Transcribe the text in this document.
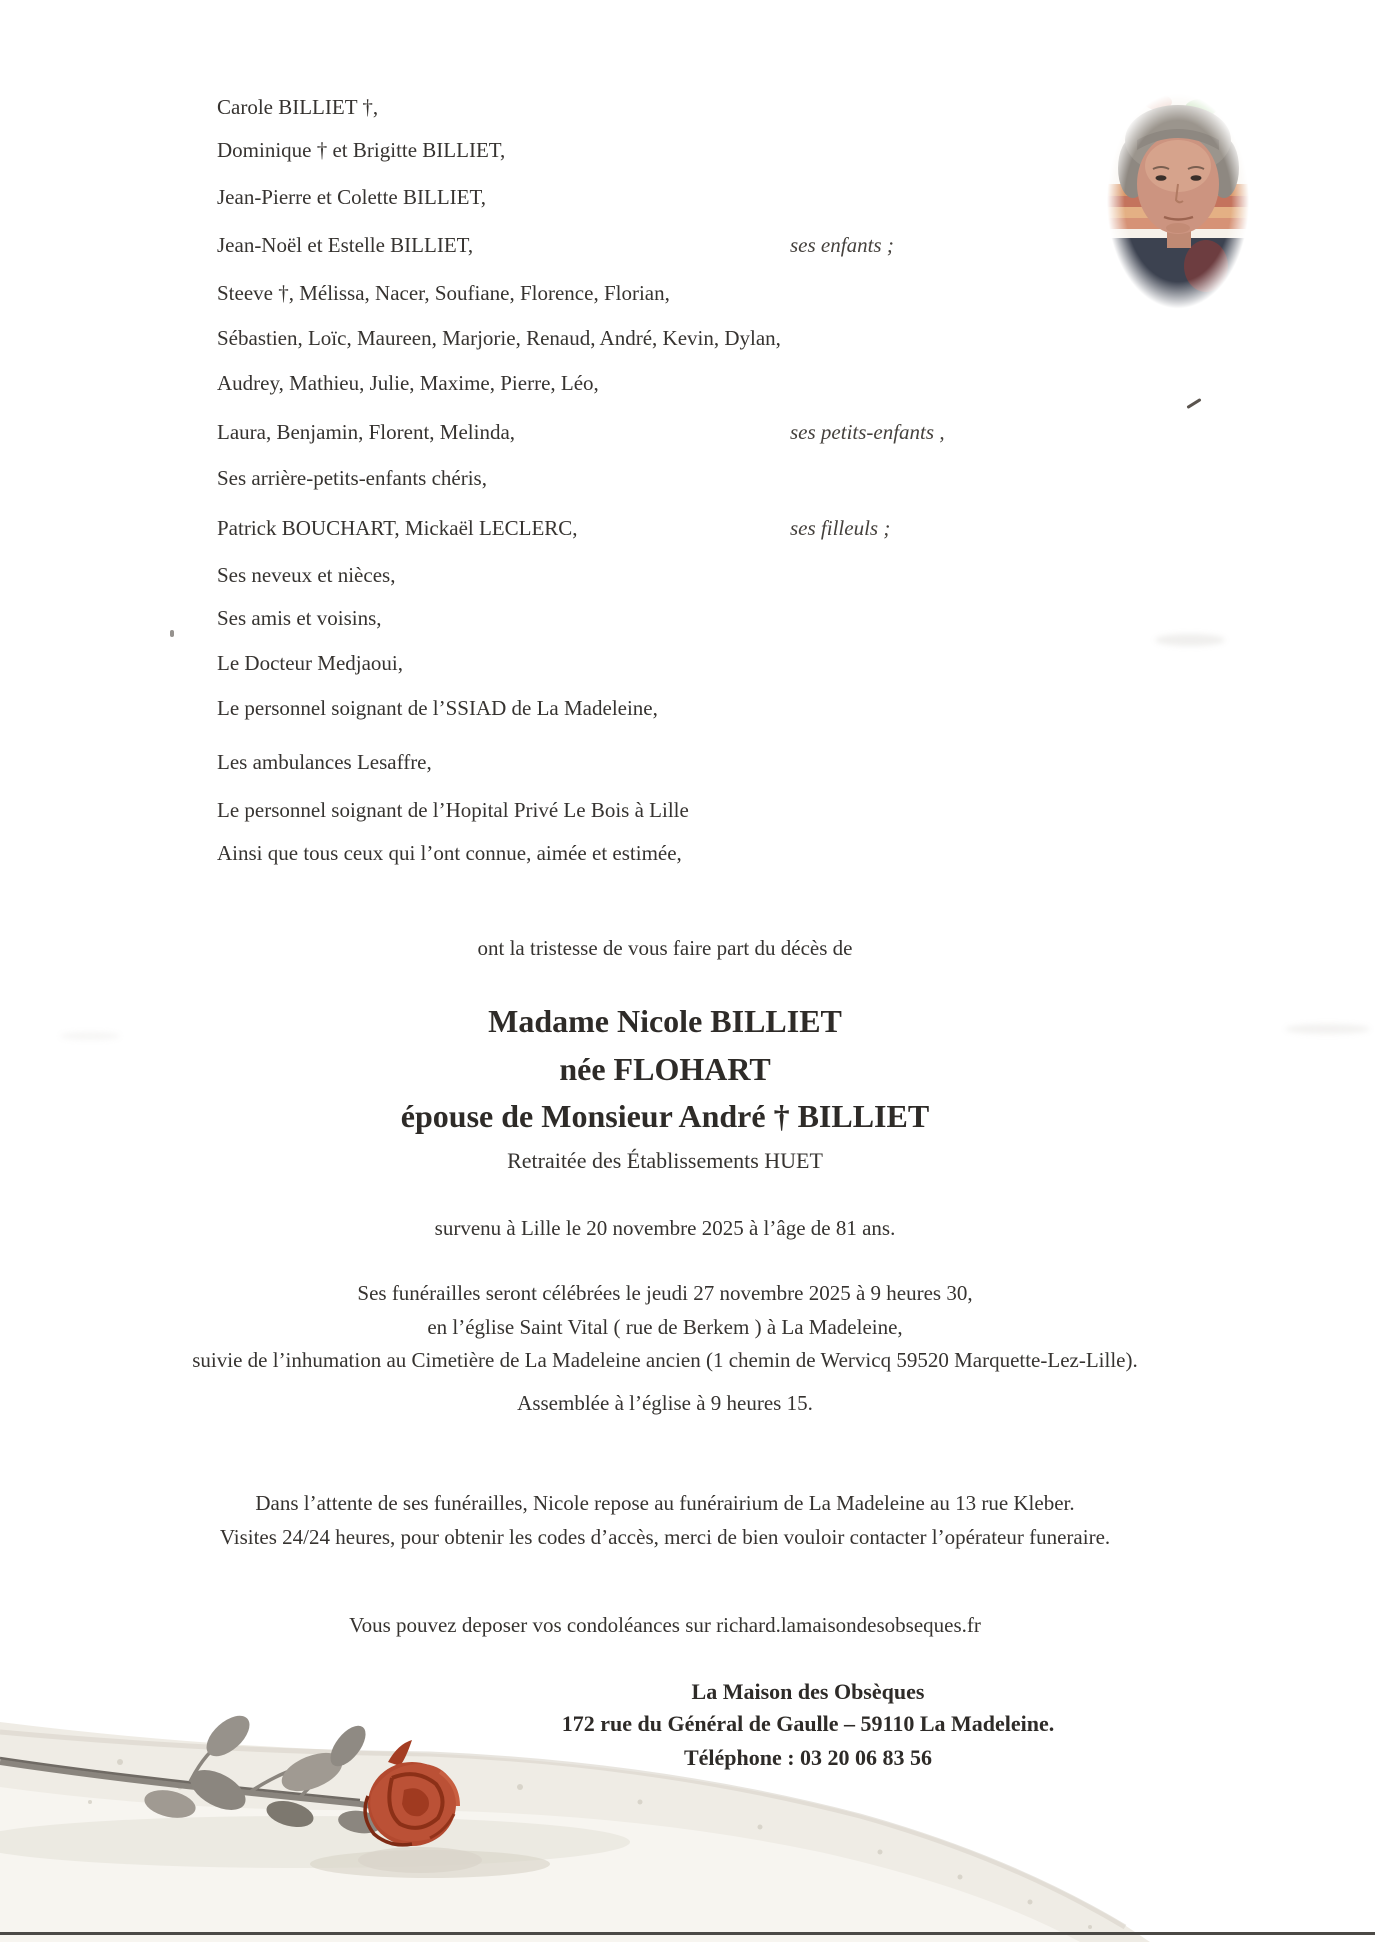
Carole BILLIET †,
Dominique † et Brigitte BILLIET,
Jean-Pierre et Colette BILLIET,
Jean-Noël et Estelle BILLIET,	ses enfants ;
Steeve †, Mélissa, Nacer, Soufiane, Florence, Florian,
Sébastien, Loïc, Maureen, Marjorie, Renaud, André, Kevin, Dylan,
Audrey, Mathieu, Julie, Maxime, Pierre, Léo,
Laura, Benjamin, Florent, Melinda,	ses petits-enfants ,
Ses arrière-petits-enfants chéris,
Patrick BOUCHART, Mickaël LECLERC,	ses filleuls ;
Ses neveux et nièces,
Ses amis et voisins,
Le Docteur Medjaoui,
Le personnel soignant de l’SSIAD de La Madeleine,
Les ambulances Lesaffre,
Le personnel soignant de l’Hopital Privé Le Bois à Lille
Ainsi que tous ceux qui l’ont connue, aimée et estimée,
ont la tristesse de vous faire part du décès de
Madame Nicole BILLIET
née FLOHART
épouse de Monsieur André † BILLIET
Retraitée des Établissements HUET
survenu à Lille le 20 novembre 2025 à l’âge de 81 ans.
Ses funérailles seront célébrées le jeudi 27 novembre 2025 à 9 heures 30,
en l’église Saint Vital ( rue de Berkem ) à La Madeleine,
suivie de l’inhumation au Cimetière de La Madeleine ancien (1 chemin de Wervicq 59520 Marquette-Lez-Lille).
Assemblée à l’église à 9 heures 15.
Dans l’attente de ses funérailles, Nicole repose au funérairium de La Madeleine au 13 rue Kleber.
Visites 24/24 heures, pour obtenir les codes d’accès, merci de bien vouloir contacter l’opérateur funeraire.
Vous pouvez deposer vos condoléances sur richard.lamaisondesobseques.fr
La Maison des Obsèques
172 rue du Général de Gaulle – 59110 La Madeleine.
Téléphone : 03 20 06 83 56
